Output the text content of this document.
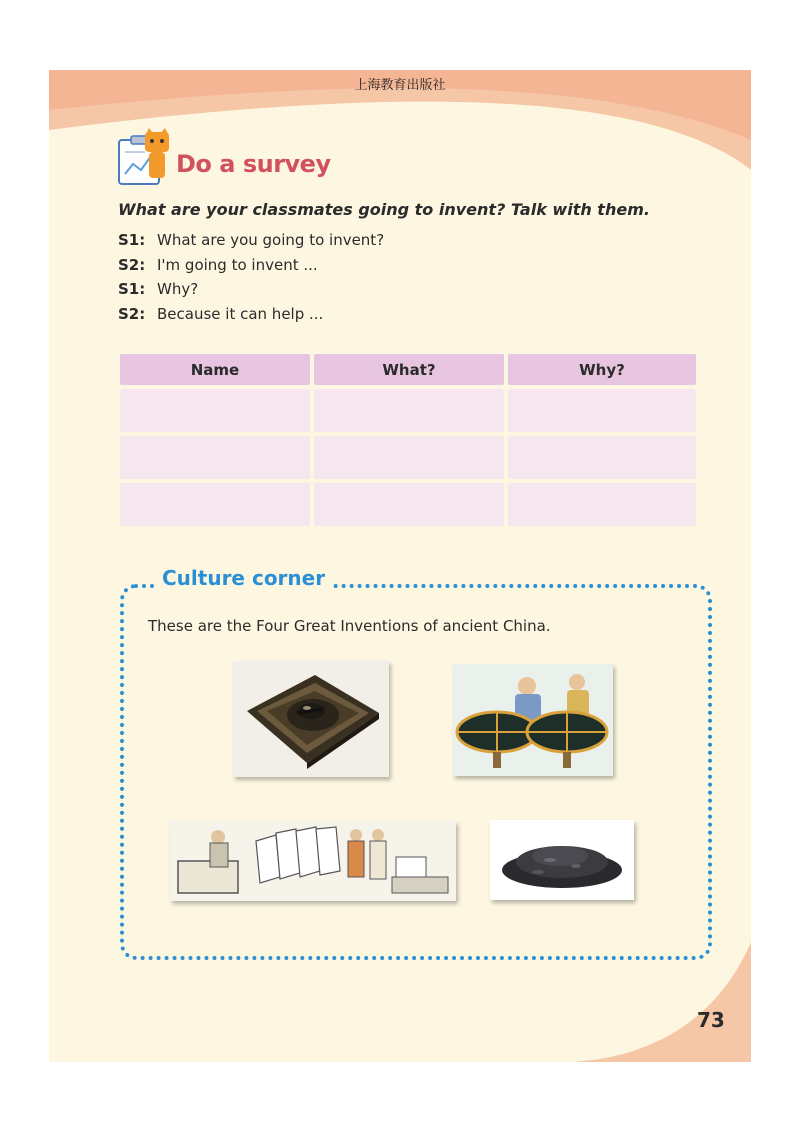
上海教育出版社
Do a survey
What are your classmates going to invent? Talk with them.
S1: What are you going to invent?
S2: I'm going to invent ...
S1: Why?
S2: Because it can help ...
Name	What?	Why?
Culture corner
These are the Four Great Inventions of ancient China.
73
